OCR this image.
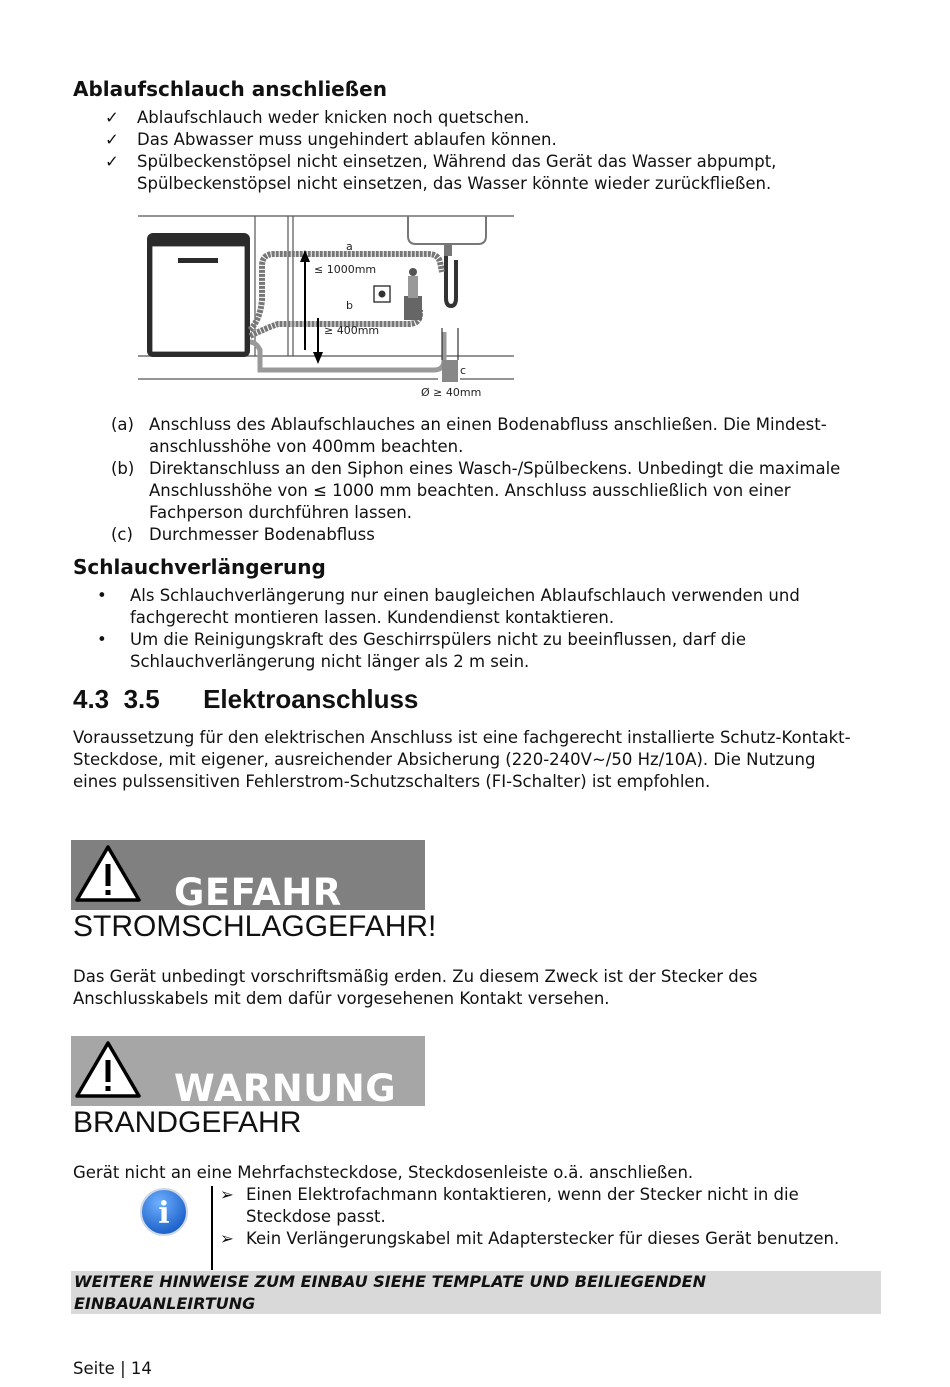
Ablaufschlauch anschließen
✓ Ablaufschlauch weder knicken noch quetschen.
✓ Das Abwasser muss ungehindert ablaufen können.
✓ Spülbeckenstöpsel nicht einsetzen, Während das Gerät das Wasser abpumpt, Spülbeckenstöpsel nicht einsetzen, das Wasser könnte wieder zurückfließen.
a
≤ 1000mm
b
≥ 400mm
c
Ø ≥ 40mm
(a) Anschluss des Ablaufschlauches an einen Bodenabfluss anschließen. Die Mindest-anschlusshöhe von 400mm beachten.
(b) Direktanschluss an den Siphon eines Wasch-/Spülbeckens. Unbedingt die maximale Anschlusshöhe von ≤ 1000 mm beachten. Anschluss ausschließlich von einer Fachperson durchführen lassen.
(c) Durchmesser Bodenabfluss
Schlauchverlängerung
• Als Schlauchverlängerung nur einen baugleichen Ablaufschlauch verwenden und fachgerecht montieren lassen. Kundendienst kontaktieren.
• Um die Reinigungskraft des Geschirrspülers nicht zu beeinflussen, darf die Schlauchverlängerung nicht länger als 2 m sein.
4.3  3.5      Elektroanschluss

Voraussetzung für den elektrischen Anschluss ist eine fachgerecht installierte Schutz-Kontakt-Steckdose, mit eigener, ausreichender Absicherung (220-240V~/50 Hz/10A). Die Nutzung eines pulssensitiven Fehlerstrom-Schutzschalters (FI-Schalter) ist empfohlen.

GEFAHR
STROMSCHLAGGEFAHR!

Das Gerät unbedingt vorschriftsmäßig erden. Zu diesem Zweck ist der Stecker des Anschlusskabels mit dem dafür vorgesehenen Kontakt versehen.

WARNUNG
BRANDGEFAHR

Gerät nicht an eine Mehrfachsteckdose, Steckdosenleiste o.ä. anschließen.

i
➢ Einen Elektrofachmann kontaktieren, wenn der Stecker nicht in die Steckdose passt.
➢ Kein Verlängerungskabel mit Adapterstecker für dieses Gerät benutzen.
WEITERE HINWEISE ZUM EINBAU SIEHE TEMPLATE UND BEILIEGENDEN EINBAUANLEIRTUNG
Seite | 14
